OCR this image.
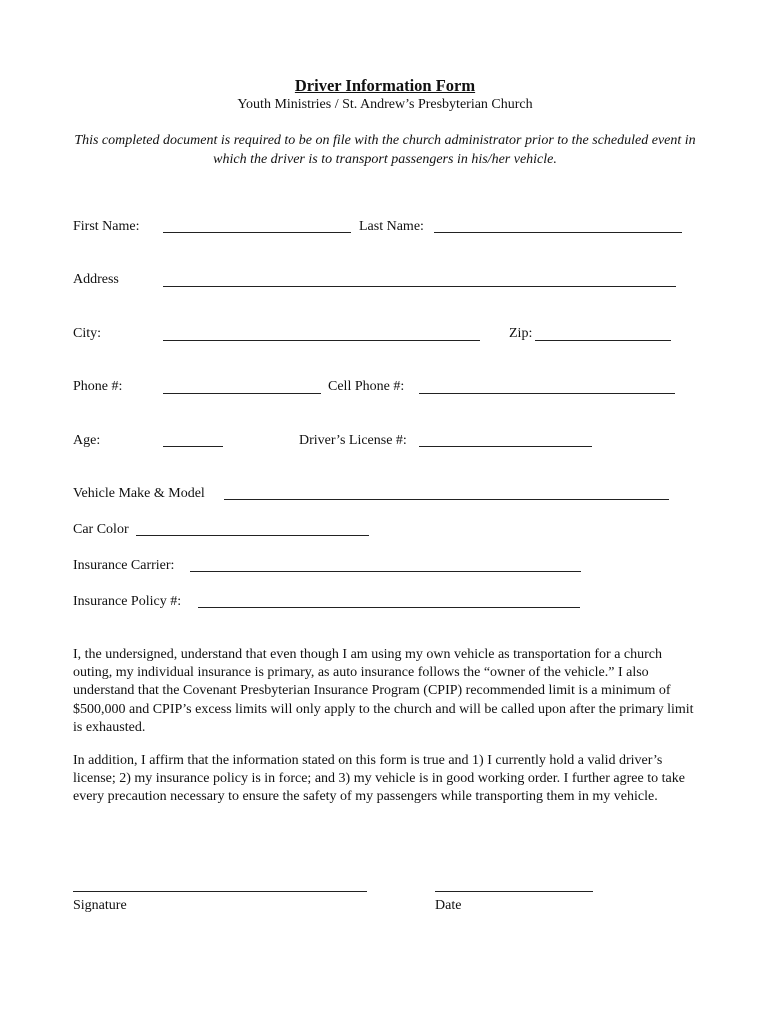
Driver Information Form
Youth Ministries / St. Andrew’s Presbyterian Church
This completed document is required to be on file with the church administrator prior to the scheduled event in which the driver is to transport passengers in his/her vehicle.
First Name:	Last Name:
Address
City:	Zip:
Phone #:	Cell Phone #:
Age:	Driver’s License #:
Vehicle Make & Model
Car Color
Insurance Carrier:
Insurance Policy #:
I, the undersigned, understand that even though I am using my own vehicle as transportation for a church outing, my individual insurance is primary, as auto insurance follows the “owner of the vehicle.” I also understand that the Covenant Presbyterian Insurance Program (CPIP) recommended limit is a minimum of $500,000 and CPIP’s excess limits will only apply to the church and will be called upon after the primary limit is exhausted.
In addition, I affirm that the information stated on this form is true and 1) I currently hold a valid driver’s license; 2) my insurance policy is in force; and 3) my vehicle is in good working order. I further agree to take every precaution necessary to ensure the safety of my passengers while transporting them in my vehicle.
Signature	Date
